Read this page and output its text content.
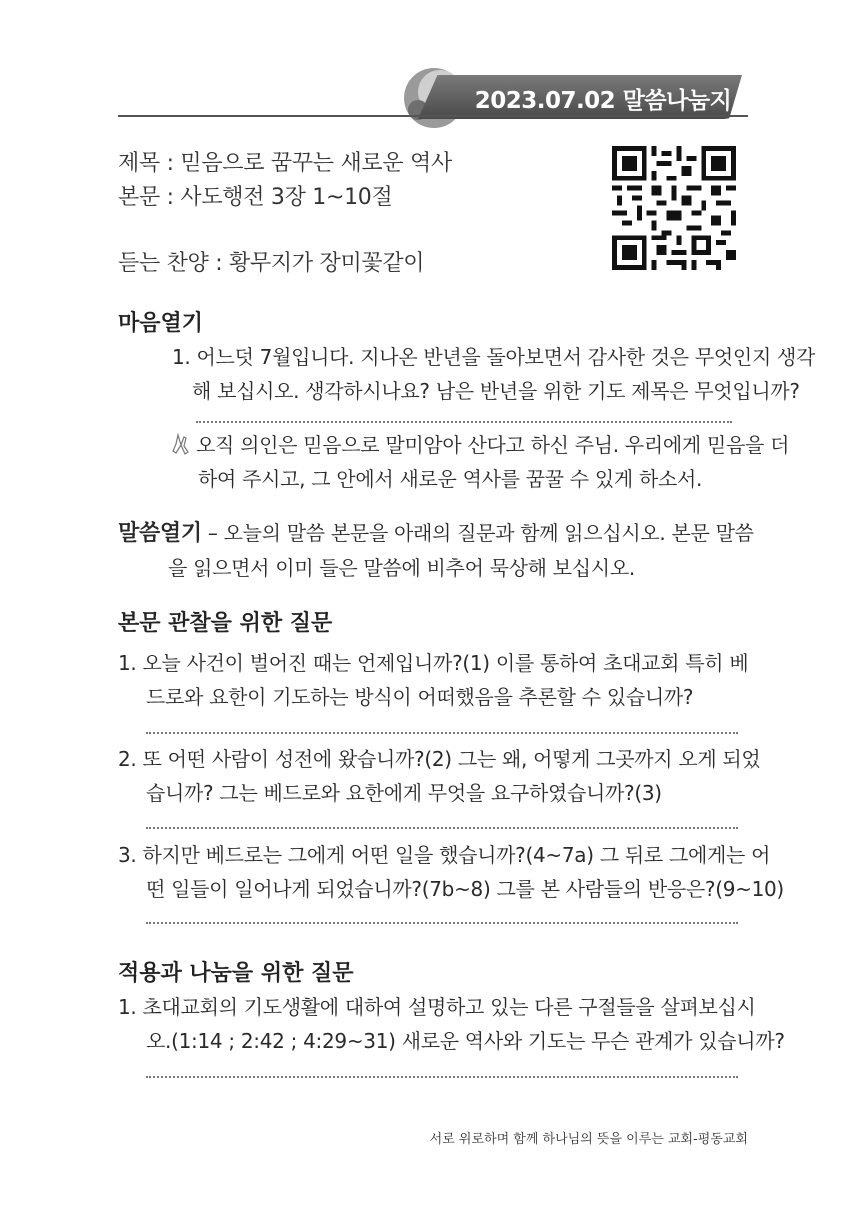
2023.07.02 말씀나눔지
제목 : 믿음으로 꿈꾸는 새로운 역사
본문 : 사도행전 3장 1~10절
듣는 찬양 : 황무지가 장미꽃같이
마음열기
1. 어느덧 7월입니다. 지나온 반년을 돌아보면서 감사한 것은 무엇인지 생각
해 보십시오. 생각하시나요? 남은 반년을 위한 기도 제목은 무엇입니까?
오직 의인은 믿음으로 말미암아 산다고 하신 주님. 우리에게 믿음을 더
하여 주시고, 그 안에서 새로운 역사를 꿈꿀 수 있게 하소서.
말씀열기 – 오늘의 말씀 본문을 아래의 질문과 함께 읽으십시오. 본문 말씀
을 읽으면서 이미 들은 말씀에 비추어 묵상해 보십시오.
본문 관찰을 위한 질문
1. 오늘 사건이 벌어진 때는 언제입니까?(1) 이를 통하여 초대교회 특히 베
드로와 요한이 기도하는 방식이 어떠했음을 추론할 수 있습니까?
2. 또 어떤 사람이 성전에 왔습니까?(2) 그는 왜, 어떻게 그곳까지 오게 되었
습니까? 그는 베드로와 요한에게 무엇을 요구하였습니까?(3)
3. 하지만 베드로는 그에게 어떤 일을 했습니까?(4~7a) 그 뒤로 그에게는 어
떤 일들이 일어나게 되었습니까?(7b~8) 그를 본 사람들의 반응은?(9~10)
적용과 나눔을 위한 질문
1. 초대교회의 기도생활에 대하여 설명하고 있는 다른 구절들을 살펴보십시
오.(1:14 ; 2:42 ; 4:29~31) 새로운 역사와 기도는 무슨 관계가 있습니까?
서로 위로하며 함께 하나님의 뜻을 이루는 교회-평동교회
